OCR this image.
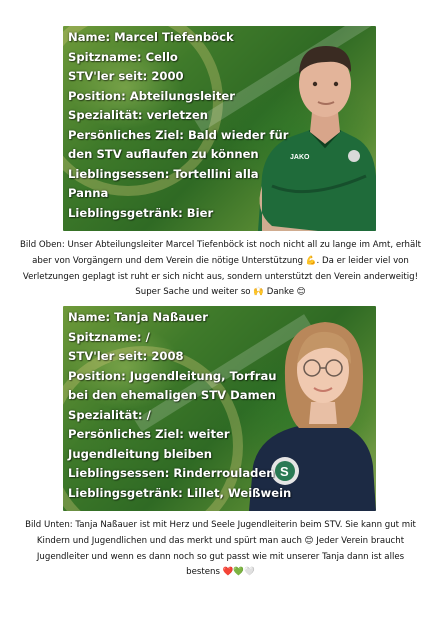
JAKO
Name: Marcel Tiefenböck
Spitzname: Cello
STV'ler seit: 2000
Position: Abteilungsleiter
Spezialität: verletzen
Persönliches Ziel: Bald wieder für
den STV auflaufen zu können
Lieblingsessen: Tortellini alla
Panna
Lieblingsgetränk: Bier
Bild Oben: Unser Abteilungsleiter Marcel Tiefenböck ist noch nicht all zu lange im Amt, erhält aber von Vorgängern und dem Verein die nötige Unterstützung 💪. Da er leider viel von Verletzungen geplagt ist ruht er sich nicht aus, sondern unterstützt den Verein anderweitig! Super Sache und weiter so 🙌 Danke 😊
S
Name: Tanja Naßauer
Spitzname: /
STV'ler seit: 2008
Position: Jugendleitung, Torfrau
bei den ehemaligen STV Damen
Spezialität: /
Persönliches Ziel: weiter
Jugendleitung bleiben
Lieblingsessen: Rinderrouladen
Lieblingsgetränk: Lillet, Weißwein
Bild Unten: Tanja Naßauer ist mit Herz und Seele Jugendleiterin beim STV. Sie kann gut mit Kindern und Jugendlichen und das merkt und spürt man auch 😊 Jeder Verein braucht Jugendleiter und wenn es dann noch so gut passt wie mit unserer Tanja dann ist alles bestens ❤️💚🤍
